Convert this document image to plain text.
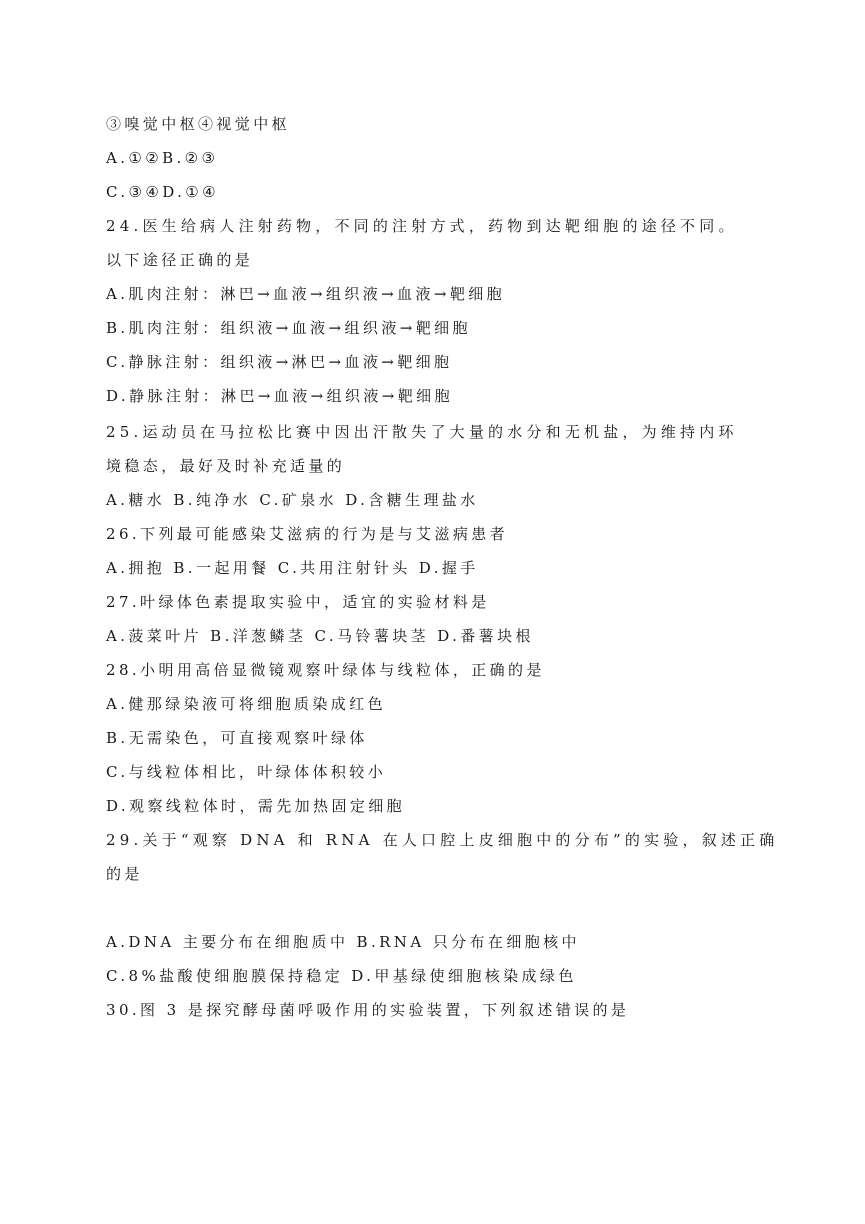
③嗅觉中枢④视觉中枢
A.①②B.②③
C.③④D.①④
24.医生给病人注射药物，不同的注射方式，药物到达靶细胞的途径不同。
以下途径正确的是
A.肌肉注射：淋巴→血液→组织液→血液→靶细胞
B.肌肉注射：组织液→血液→组织液→靶细胞
C.静脉注射：组织液→淋巴→血液→靶细胞
D.静脉注射：淋巴→血液→组织液→靶细胞
25.运动员在马拉松比赛中因出汗散失了大量的水分和无机盐，为维持内环
境稳态，最好及时补充适量的
A.糖水 B.纯净水 C.矿泉水 D.含糖生理盐水
26.下列最可能感染艾滋病的行为是与艾滋病患者
A.拥抱 B.一起用餐 C.共用注射针头 D.握手
27.叶绿体色素提取实验中，适宜的实验材料是
A.菠菜叶片 B.洋葱鳞茎 C.马铃薯块茎 D.番薯块根
28.小明用高倍显微镜观察叶绿体与线粒体，正确的是
A.健那绿染液可将细胞质染成红色
B.无需染色，可直接观察叶绿体
C.与线粒体相比，叶绿体体积较小
D.观察线粒体时，需先加热固定细胞
29.关于“观察 DNA 和 RNA 在人口腔上皮细胞中的分布”的实验，叙述正确
的是
A.DNA 主要分布在细胞质中 B.RNA 只分布在细胞核中
C.8%盐酸使细胞膜保持稳定 D.甲基绿使细胞核染成绿色
30.图 3 是探究酵母菌呼吸作用的实验装置，下列叙述错误的是
